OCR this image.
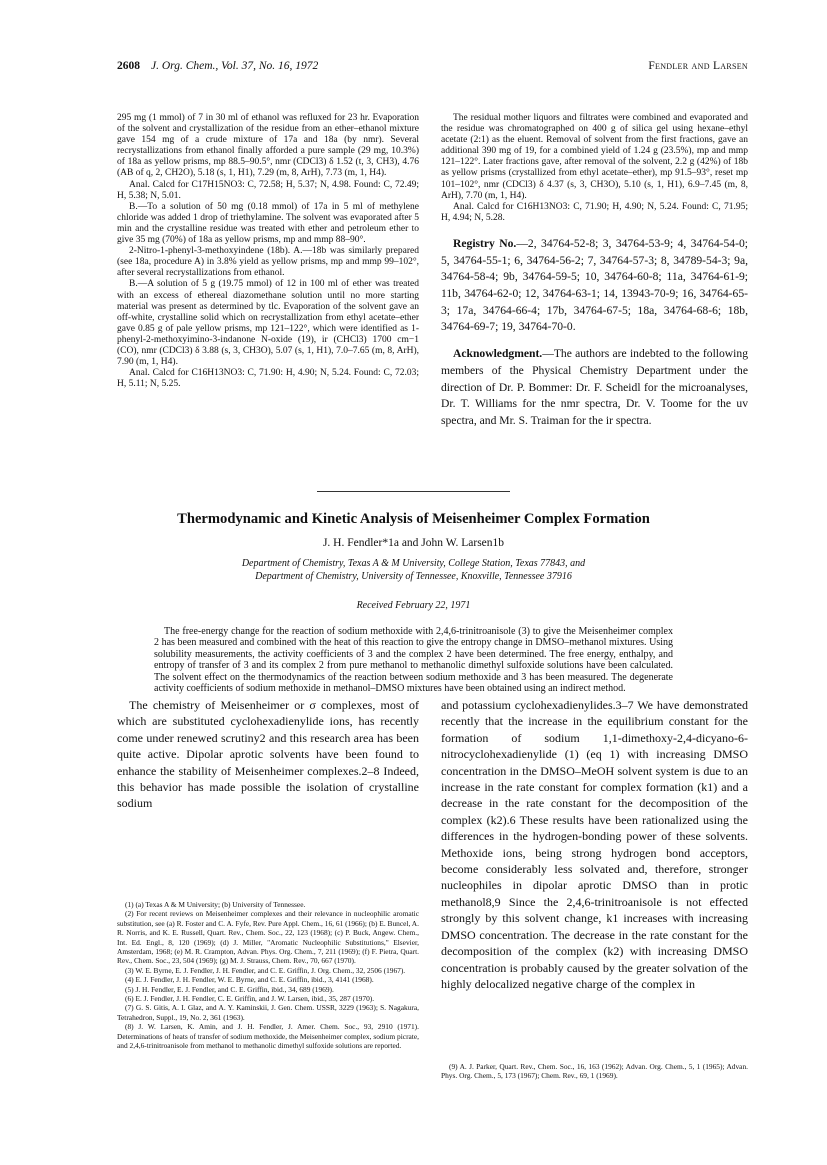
2608 J. Org. Chem., Vol. 37, No. 16, 1972	Fendler and Larsen

295 mg (1 mmol) of 7 in 30 ml of ethanol was refluxed for 23 hr. Evaporation of the solvent and crystallization of the residue from an ether–ethanol mixture gave 154 mg of a crude mixture of 17a and 18a (by nmr). Several recrystallizations from ethanol finally afforded a pure sample (29 mg, 10.3%) of 18a as yellow prisms, mp 88.5–90.5°, nmr (CDCl3) δ 1.52 (t, 3, CH3), 4.76 (AB of q, 2, CH2O), 5.18 (s, 1, H1), 7.29 (m, 8, ArH), 7.73 (m, 1, H4).

Anal. Calcd for C17H15NO3: C, 72.58; H, 5.37; N, 4.98. Found: C, 72.49; H, 5.38; N, 5.01.

B.—To a solution of 50 mg (0.18 mmol) of 17a in 5 ml of methylene chloride was added 1 drop of triethylamine. The solvent was evaporated after 5 min and the crystalline residue was treated with ether and petroleum ether to give 35 mg (70%) of 18a as yellow prisms, mp and mmp 88–90°.

2-Nitro-1-phenyl-3-methoxyindene (18b). A.—18b was similarly prepared (see 18a, procedure A) in 3.8% yield as yellow prisms, mp and mmp 99–102°, after several recrystallizations from ethanol.

B.—A solution of 5 g (19.75 mmol) of 12 in 100 ml of ether was treated with an excess of ethereal diazomethane solution until no more starting material was present as determined by tlc. Evaporation of the solvent gave an off-white, crystalline solid which on recrystallization from ethyl acetate–ether gave 0.85 g of pale yellow prisms, mp 121–122°, which were identified as 1-phenyl-2-methoxyimino-3-indanone N-oxide (19), ir (CHCl3) 1700 cm−1 (CO), nmr (CDCl3) δ 3.88 (s, 3, CH3O), 5.07 (s, 1, H1), 7.0–7.65 (m, 8, ArH), 7.90 (m, 1, H4).

Anal. Calcd for C16H13NO3: C, 71.90: H, 4.90; N, 5.24. Found: C, 72.03; H, 5.11; N, 5.25.

The residual mother liquors and filtrates were combined and evaporated and the residue was chromatographed on 400 g of silica gel using hexane–ethyl acetate (2:1) as the eluent. Removal of solvent from the first fractions, gave an additional 390 mg of 19, for a combined yield of 1.24 g (23.5%), mp and mmp 121–122°. Later fractions gave, after removal of the solvent, 2.2 g (42%) of 18b as yellow prisms (crystallized from ethyl acetate–ether), mp 91.5–93°, reset mp 101–102°, nmr (CDCl3) δ 4.37 (s, 3, CH3O), 5.10 (s, 1, H1), 6.9–7.45 (m, 8, ArH), 7.70 (m, 1, H4).

Anal. Calcd for C16H13NO3: C, 71.90; H, 4.90; N, 5.24. Found: C, 71.95; H, 4.94; N, 5.28.

Registry No.—2, 34764-52-8; 3, 34764-53-9; 4, 34764-54-0; 5, 34764-55-1; 6, 34764-56-2; 7, 34764-57-3; 8, 34789-54-3; 9a, 34764-58-4; 9b, 34764-59-5; 10, 34764-60-8; 11a, 34764-61-9; 11b, 34764-62-0; 12, 34764-63-1; 14, 13943-70-9; 16, 34764-65-3; 17a, 34764-66-4; 17b, 34764-67-5; 18a, 34764-68-6; 18b, 34764-69-7; 19, 34764-70-0.

Acknowledgment.—The authors are indebted to the following members of the Physical Chemistry Department under the direction of Dr. P. Bommer: Dr. F. Scheidl for the microanalyses, Dr. T. Williams for the nmr spectra, Dr. V. Toome for the uv spectra, and Mr. S. Traiman for the ir spectra.

Thermodynamic and Kinetic Analysis of Meisenheimer Complex Formation
J. H. Fendler*1a and John W. Larsen1b
Department of Chemistry, Texas A & M University, College Station, Texas 77843, and
Department of Chemistry, University of Tennessee, Knoxville, Tennessee 37916
Received February 22, 1971

The free-energy change for the reaction of sodium methoxide with 2,4,6-trinitroanisole (3) to give the Meisenheimer complex 2 has been measured and combined with the heat of this reaction to give the entropy change in DMSO–methanol mixtures. Using solubility measurements, the activity coefficients of 3 and the complex 2 have been determined. The free energy, enthalpy, and entropy of transfer of 3 and its complex 2 from pure methanol to methanolic dimethyl sulfoxide solutions have been calculated. The solvent effect on the thermodynamics of the reaction between sodium methoxide and 3 has been measured. The degenerate activity coefficients of sodium methoxide in methanol–DMSO mixtures have been obtained using an indirect method.

The chemistry of Meisenheimer or σ complexes, most of which are substituted cyclohexadienylide ions, has recently come under renewed scrutiny2 and this research area has been quite active. Dipolar aprotic solvents have been found to enhance the stability of Meisenheimer complexes.2–8 Indeed, this behavior has made possible the isolation of crystalline sodium

and potassium cyclohexadienylides.3–7 We have demonstrated recently that the increase in the equilibrium constant for the formation of sodium 1,1-dimethoxy-2,4-dicyano-6-nitrocyclohexadienylide (1) (eq 1) with increasing DMSO concentration in the DMSO–MeOH solvent system is due to an increase in the rate constant for complex formation (k1) and a decrease in the rate constant for the decomposition of the complex (k2).6 These results have been rationalized using the differences in the hydrogen-bonding power of these solvents. Methoxide ions, being strong hydrogen bond acceptors, become considerably less solvated and, therefore, stronger nucleophiles in dipolar aprotic DMSO than in protic methanol8,9 Since the 2,4,6-trinitroanisole is not effected strongly by this solvent change, k1 increases with increasing DMSO concentration. The decrease in the rate constant for the decomposition of the complex (k2) with increasing DMSO concentration is probably caused by the greater solvation of the highly delocalized negative charge of the complex in

(1) (a) Texas A & M University; (b) University of Tennessee.

(2) For recent reviews on Meisenheimer complexes and their relevance in nucleophilic aromatic substitution, see (a) R. Foster and C. A. Fyfe, Rev. Pure Appl. Chem., 16, 61 (1966); (b) E. Buncel, A. R. Norris, and K. E. Russell, Quart. Rev., Chem. Soc., 22, 123 (1968); (c) P. Buck, Angew. Chem., Int. Ed. Engl., 8, 120 (1969); (d) J. Miller, "Aromatic Nucleophilic Substitutions," Elsevier, Amsterdam, 1968; (e) M. R. Crampton, Advan. Phys. Org. Chem., 7, 211 (1969); (f) F. Pietra, Quart. Rev., Chem. Soc., 23, 504 (1969); (g) M. J. Strauss, Chem. Rev., 70, 667 (1970).

(3) W. E. Byrne, E. J. Fendler, J. H. Fendler, and C. E. Griffin, J. Org. Chem., 32, 2506 (1967).

(4) E. J. Fendler, J. H. Fendler, W. E. Byrne, and C. E. Griffin, ibid., 3, 4141 (1968).

(5) J. H. Fendler, E. J. Fendler, and C. E. Griffin, ibid., 34, 689 (1969).

(6) E. J. Fendler, J. H. Fendler, C. E. Griffin, and J. W. Larsen, ibid., 35, 287 (1970).

(7) G. S. Gitis, A. I. Glaz, and A. Y. Kaminskii, J. Gen. Chem. USSR, 3229 (1963); S. Nagakura, Tetrahedron, Suppl., 19, No. 2, 361 (1963).

(8) J. W. Larsen, K. Amin, and J. H. Fendler, J. Amer. Chem. Soc., 93, 2910 (1971). Determinations of heats of transfer of sodium methoxide, the Meisenheimer complex, sodium picrate, and 2,4,6-trinitroanisole from methanol to methanolic dimethyl sulfoxide solutions are reported.

(9) A. J. Parker, Quart. Rev., Chem. Soc., 16, 163 (1962); Advan. Org. Chem., 5, 1 (1965); Advan. Phys. Org. Chem., 5, 173 (1967); Chem. Rev., 69, 1 (1969).
